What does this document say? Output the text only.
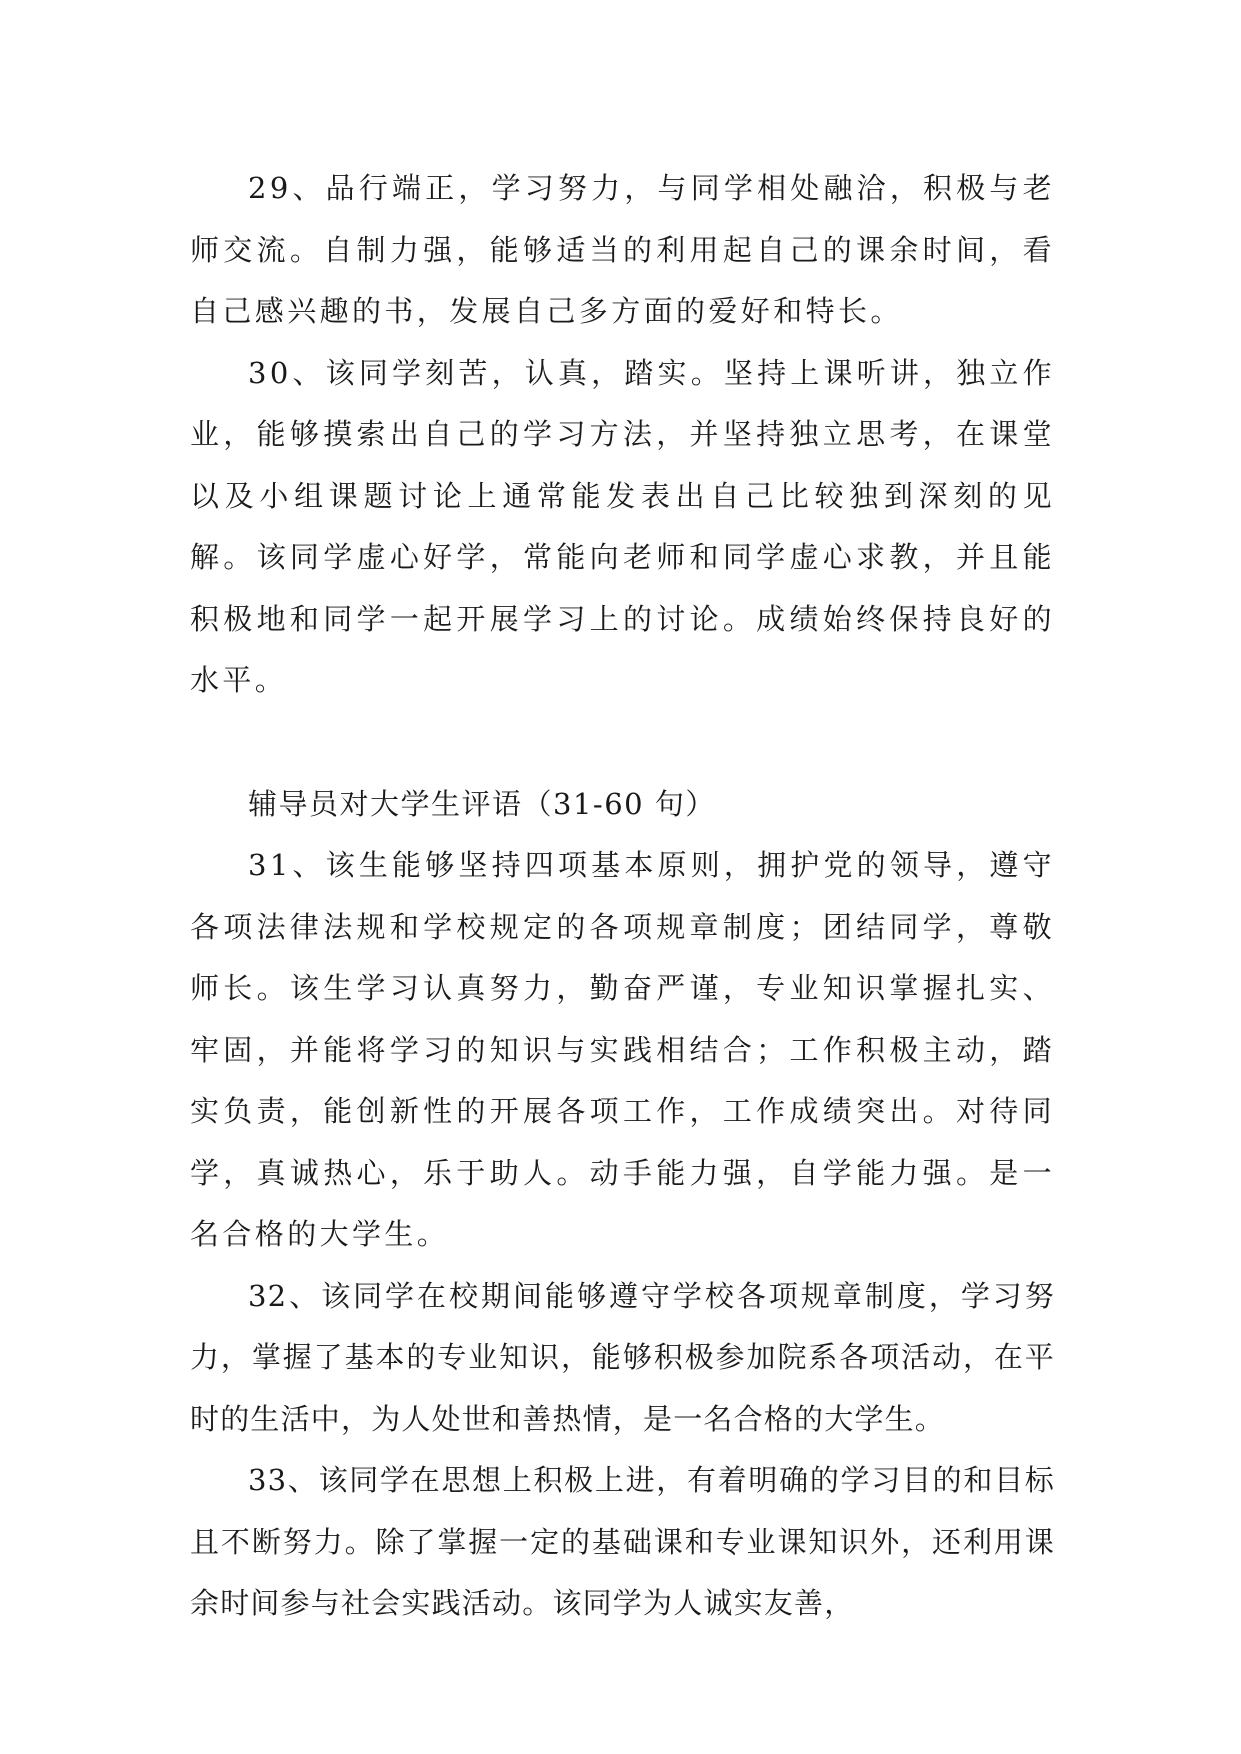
29、品行端正，学习努力，与同学相处融洽，积极与老师交流。自制力强，能够适当的利用起自己的课余时间，看自己感兴趣的书，发展自己多方面的爱好和特长。

30、该同学刻苦，认真，踏实。坚持上课听讲，独立作业，能够摸索出自己的学习方法，并坚持独立思考，在课堂以及小组课题讨论上通常能发表出自己比较独到深刻的见解。该同学虚心好学，常能向老师和同学虚心求教，并且能积极地和同学一起开展学习上的讨论。成绩始终保持良好的水平。

辅导员对大学生评语（31-60 句）

31、该生能够坚持四项基本原则，拥护党的领导，遵守各项法律法规和学校规定的各项规章制度；团结同学，尊敬师长。该生学习认真努力，勤奋严谨，专业知识掌握扎实、牢固，并能将学习的知识与实践相结合；工作积极主动，踏实负责，能创新性的开展各项工作，工作成绩突出。对待同学，真诚热心，乐于助人。动手能力强，自学能力强。是一名合格的大学生。

32、该同学在校期间能够遵守学校各项规章制度，学习努力，掌握了基本的专业知识，能够积极参加院系各项活动，在平时的生活中，为人处世和善热情，是一名合格的大学生。

33、该同学在思想上积极上进，有着明确的学习目的和目标且不断努力。除了掌握一定的基础课和专业课知识外，还利用课余时间参与社会实践活动。该同学为人诚实友善，
